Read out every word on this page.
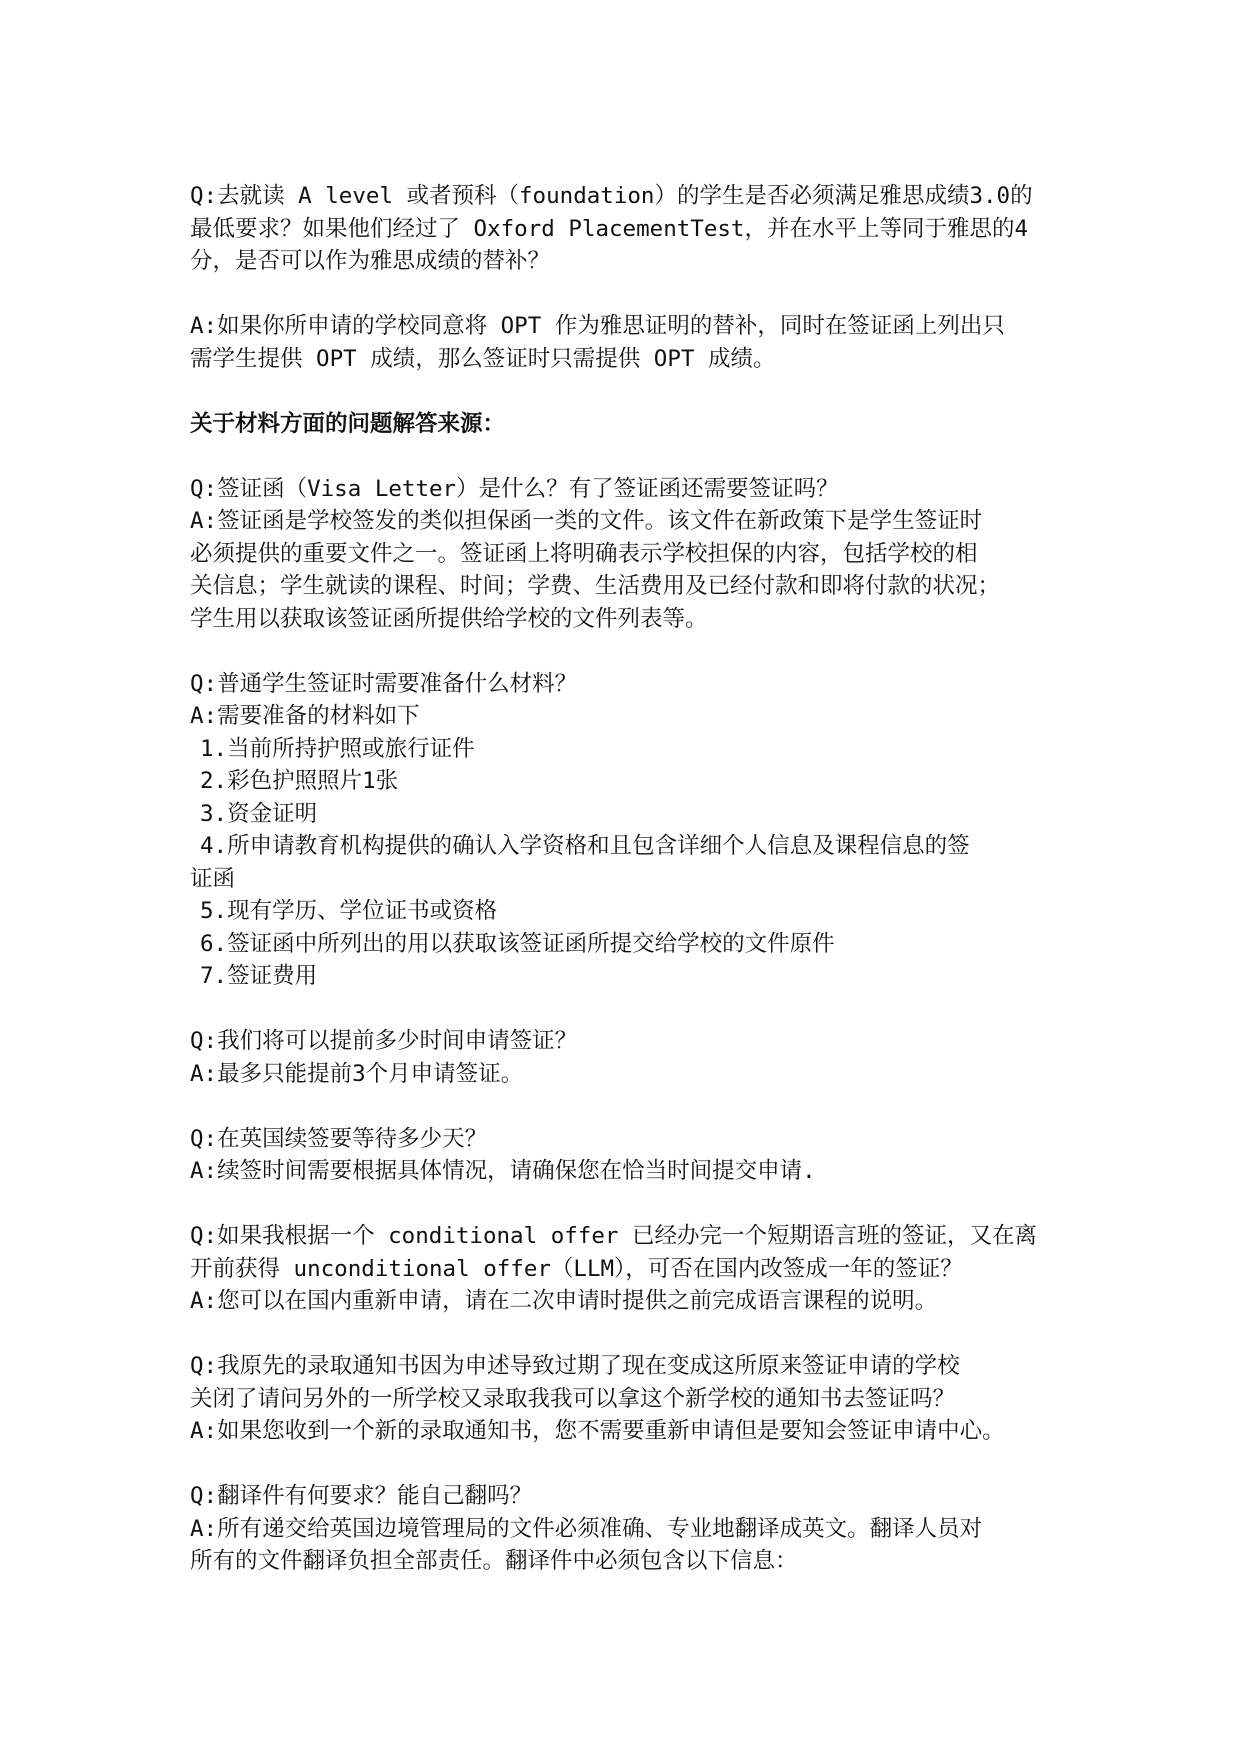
Q:去就读 A level 或者预科（foundation）的学生是否必须满足雅思成绩3.0的
最低要求？如果他们经过了 Oxford PlacementTest，并在水平上等同于雅思的4
分，是否可以作为雅思成绩的替补？
A:如果你所申请的学校同意将 OPT 作为雅思证明的替补，同时在签证函上列出只
需学生提供 OPT 成绩，那么签证时只需提供 OPT 成绩。
关于材料方面的问题解答来源：
Q:签证函（Visa Letter）是什么？有了签证函还需要签证吗？
A:签证函是学校签发的类似担保函一类的文件。该文件在新政策下是学生签证时
必须提供的重要文件之一。签证函上将明确表示学校担保的内容，包括学校的相
关信息；学生就读的课程、时间；学费、生活费用及已经付款和即将付款的状况；
学生用以获取该签证函所提供给学校的文件列表等。
Q:普通学生签证时需要准备什么材料？
A:需要准备的材料如下
1.当前所持护照或旅行证件
2.彩色护照照片1张
3.资金证明
4.所申请教育机构提供的确认入学资格和且包含详细个人信息及课程信息的签
证函
5.现有学历、学位证书或资格
6.签证函中所列出的用以获取该签证函所提交给学校的文件原件
7.签证费用
Q:我们将可以提前多少时间申请签证？
A:最多只能提前3个月申请签证。
Q:在英国续签要等待多少天？
A:续签时间需要根据具体情况，请确保您在恰当时间提交申请.
Q:如果我根据一个 conditional offer 已经办完一个短期语言班的签证，又在离
开前获得 unconditional offer（LLM），可否在国内改签成一年的签证？
A:您可以在国内重新申请，请在二次申请时提供之前完成语言课程的说明。
Q:我原先的录取通知书因为申述导致过期了现在变成这所原来签证申请的学校
关闭了请问另外的一所学校又录取我我可以拿这个新学校的通知书去签证吗？
A:如果您收到一个新的录取通知书，您不需要重新申请但是要知会签证申请中心。
Q:翻译件有何要求？能自己翻吗？
A:所有递交给英国边境管理局的文件必须准确、专业地翻译成英文。翻译人员对
所有的文件翻译负担全部责任。翻译件中必须包含以下信息：
